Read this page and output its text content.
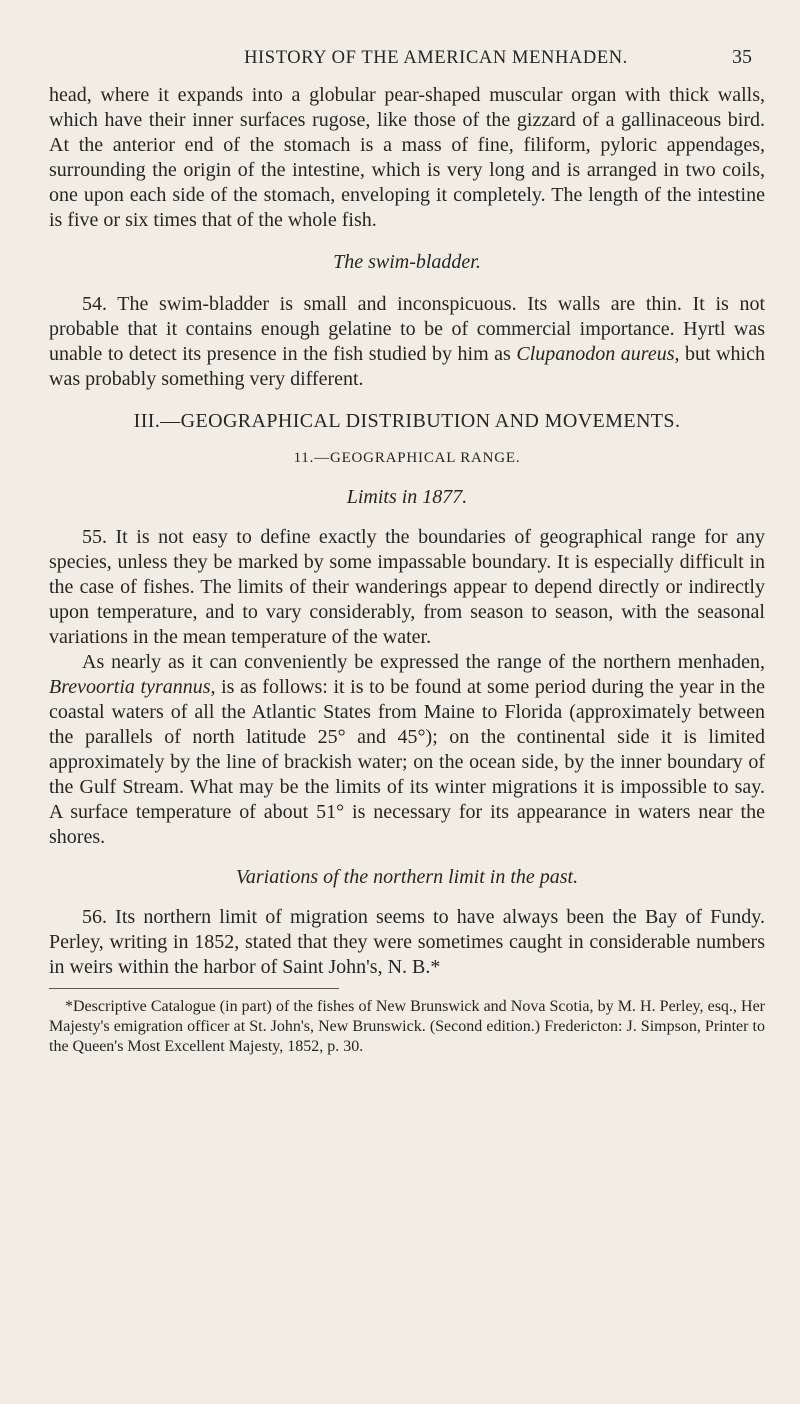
HISTORY OF THE AMERICAN MENHADEN.	35

head, where it expands into a globular pear-shaped muscular organ with thick walls, which have their inner surfaces rugose, like those of the gizzard of a gallinaceous bird. At the anterior end of the stomach is a mass of fine, filiform, pyloric appendages, surrounding the origin of the intestine, which is very long and is arranged in two coils, one upon each side of the stomach, enveloping it completely. The length of the intestine is five or six times that of the whole fish.

The swim-bladder.

54. The swim-bladder is small and inconspicuous. Its walls are thin. It is not probable that it contains enough gelatine to be of commercial importance. Hyrtl was unable to detect its presence in the fish studied by him as Clupanodon aureus, but which was probably something very different.

III.—GEOGRAPHICAL DISTRIBUTION AND MOVEMENTS.

11.—GEOGRAPHICAL RANGE.

Limits in 1877.

55. It is not easy to define exactly the boundaries of geographical range for any species, unless they be marked by some impassable boundary. It is especially difficult in the case of fishes. The limits of their wanderings appear to depend directly or indirectly upon temperature, and to vary considerably, from season to season, with the seasonal variations in the mean temperature of the water.

As nearly as it can conveniently be expressed the range of the northern menhaden, Brevoortia tyrannus, is as follows: it is to be found at some period during the year in the coastal waters of all the Atlantic States from Maine to Florida (approximately between the parallels of north latitude 25° and 45°); on the continental side it is limited approximately by the line of brackish water; on the ocean side, by the inner boundary of the Gulf Stream. What may be the limits of its winter migrations it is impossible to say. A surface temperature of about 51° is necessary for its appearance in waters near the shores.

Variations of the northern limit in the past.

56. Its northern limit of migration seems to have always been the Bay of Fundy. Perley, writing in 1852, stated that they were sometimes caught in considerable numbers in weirs within the harbor of Saint John's, N. B.*

*Descriptive Catalogue (in part) of the fishes of New Brunswick and Nova Scotia, by M. H. Perley, esq., Her Majesty's emigration officer at St. John's, New Brunswick. (Second edition.) Fredericton: J. Simpson, Printer to the Queen's Most Excellent Majesty, 1852, p. 30.
